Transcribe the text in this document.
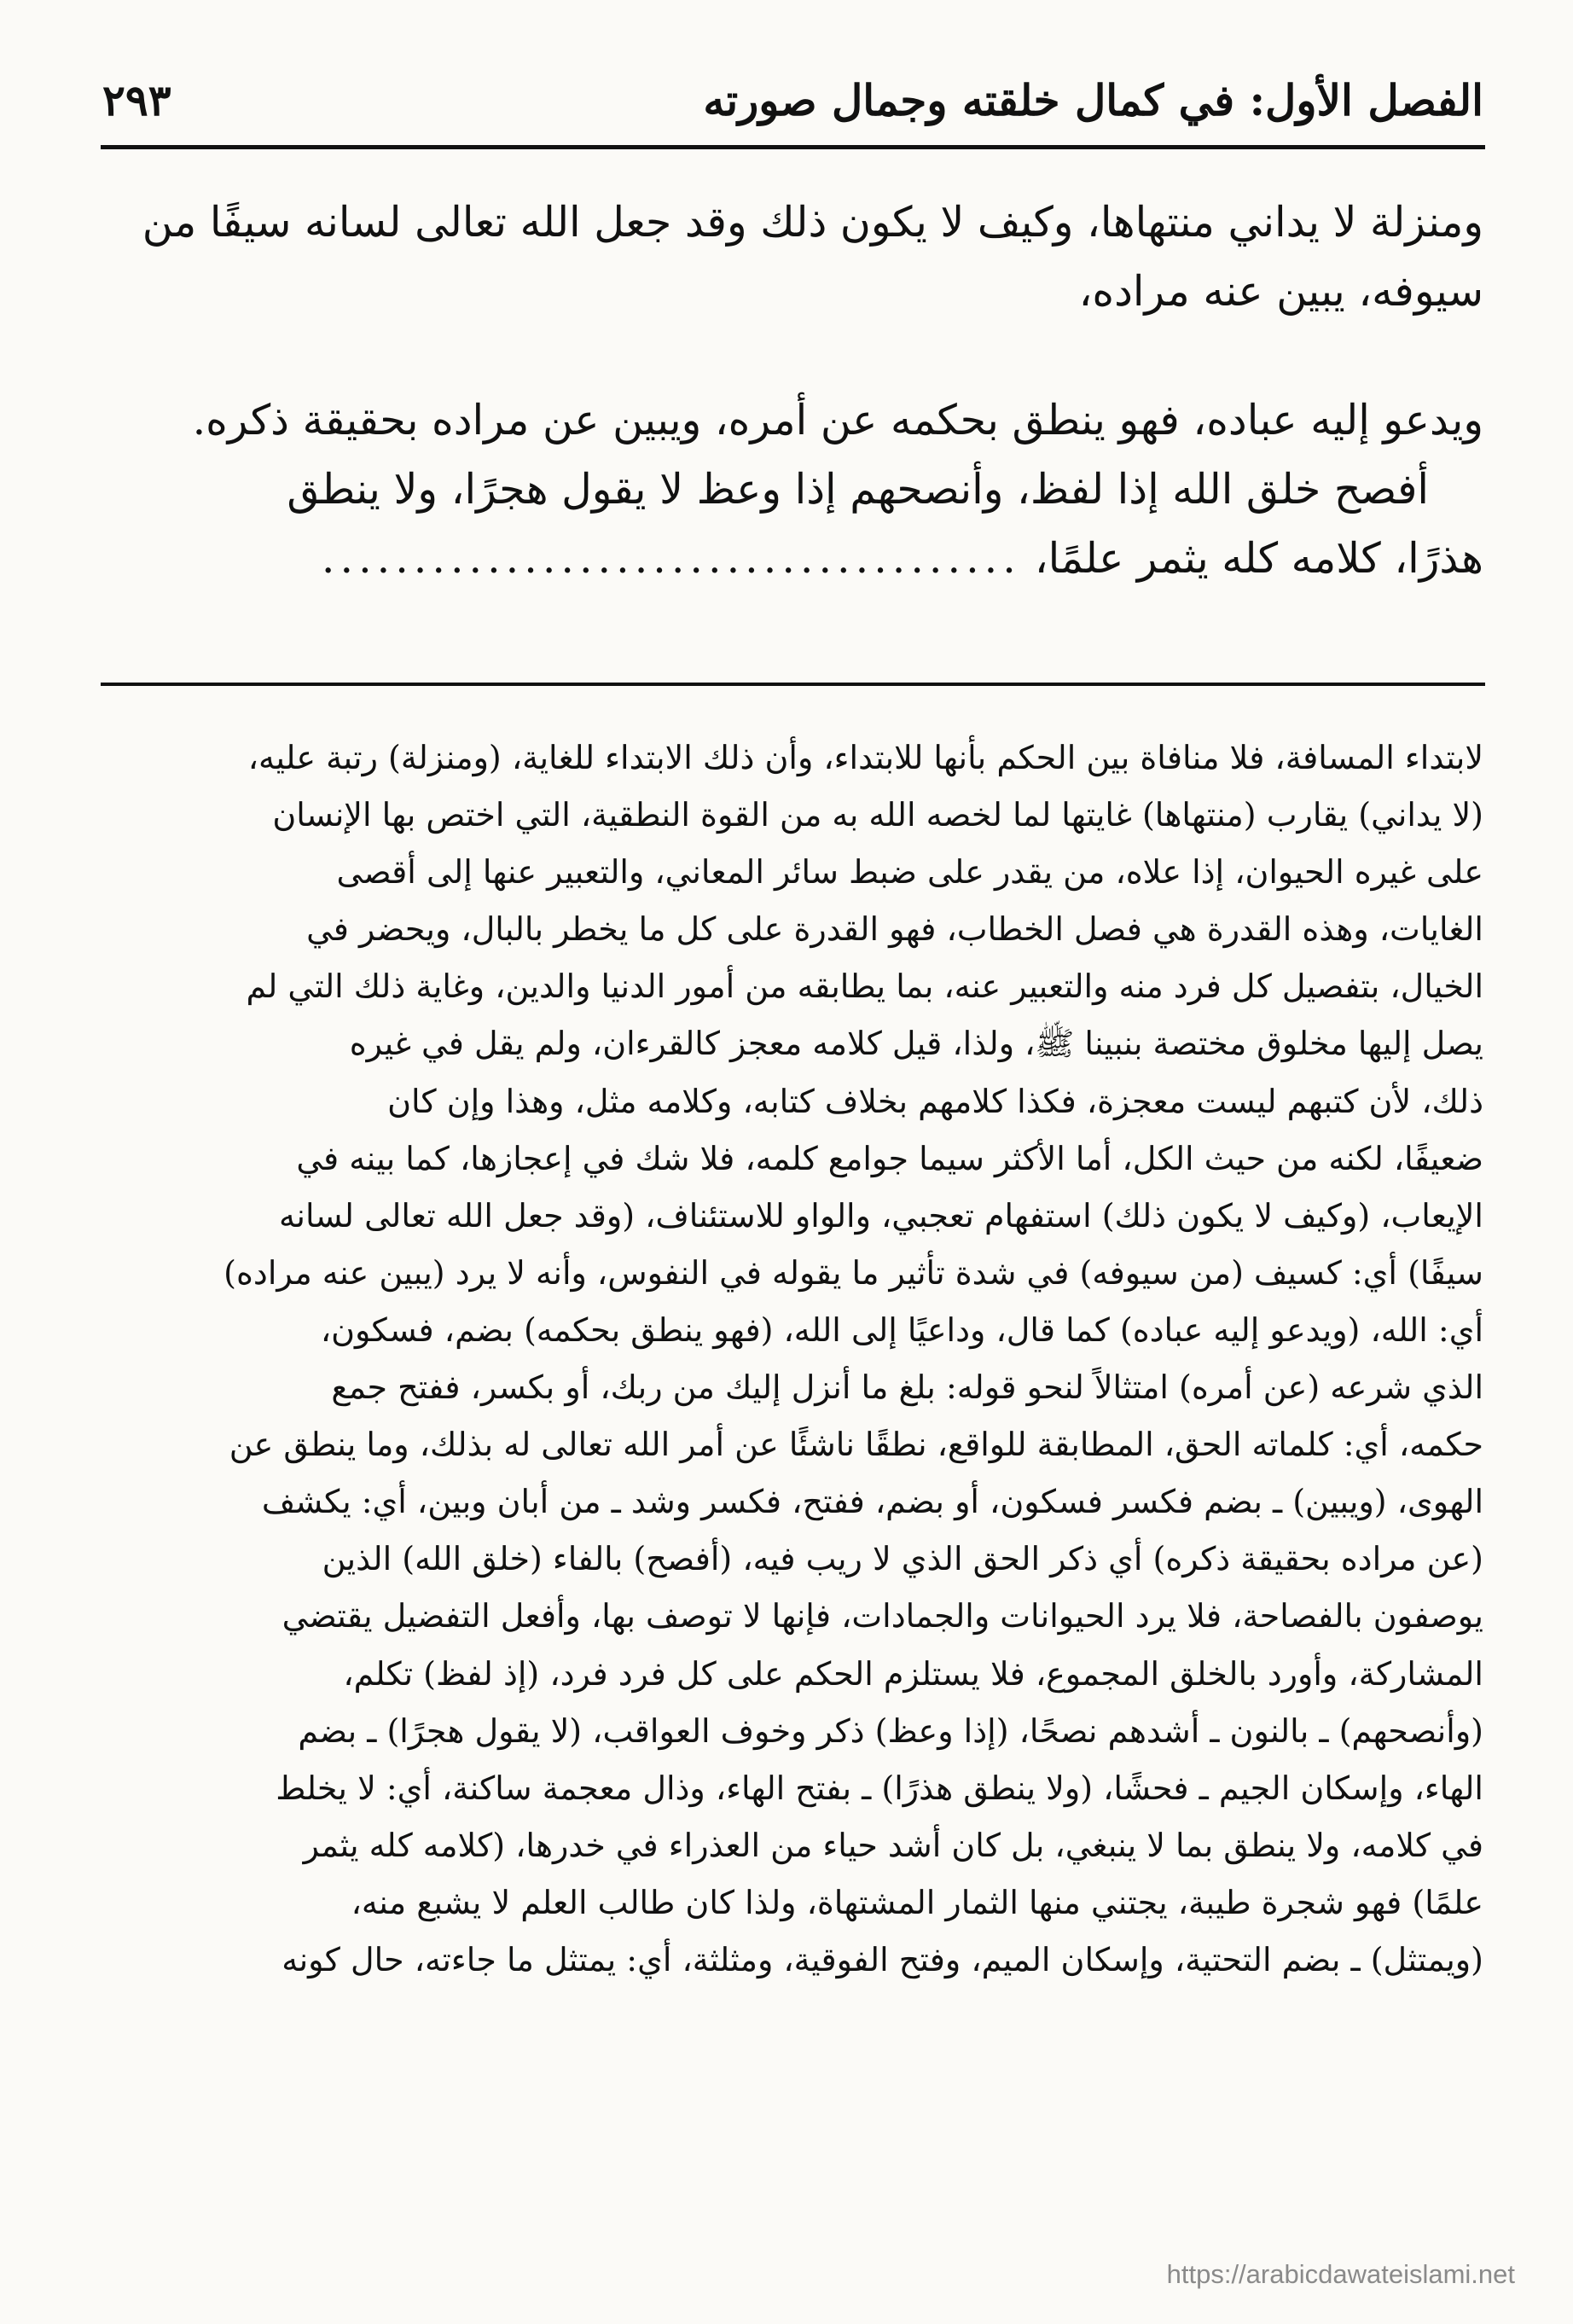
الفصل الأول: في كمال خلقته وجمال صورته
٢٩٣

ومنزلة لا يداني منتهاها، وكيف لا يكون ذلك وقد جعل الله تعالى لسانه سيفًا من

سيوفه، يبين عنه مراده،

ويدعو إليه عباده، فهو ينطق بحكمه عن أمره، ويبين عن مراده بحقيقة ذكره.

أفصح خلق الله إذا لفظ، وأنصحهم إذا وعظ لا يقول هجرًا، ولا ينطق

هذرًا، كلامه كله يثمر علمًا،......................................

لابتداء المسافة، فلا منافاة بين الحكم بأنها للابتداء، وأن ذلك الابتداء للغاية، (ومنزلة) رتبة عليه،
(لا يداني) يقارب (منتهاها) غايتها لما لخصه الله به من القوة النطقية، التي اختص بها الإنسان
على غيره الحيوان، إذا علاه، من يقدر على ضبط سائر المعاني، والتعبير عنها إلى أقصى
الغايات، وهذه القدرة هي فصل الخطاب، فهو القدرة على كل ما يخطر بالبال، ويحضر في
الخيال، بتفصيل كل فرد منه والتعبير عنه، بما يطابقه من أمور الدنيا والدين، وغاية ذلك التي لم
يصل إليها مخلوق مختصة بنبينا ﷺ، ولذا، قيل كلامه معجز كالقرءان، ولم يقل في غيره
ذلك، لأن كتبهم ليست معجزة، فكذا كلامهم بخلاف كتابه، وكلامه مثل، وهذا وإن كان
ضعيفًا، لكنه من حيث الكل، أما الأكثر سيما جوامع كلمه، فلا شك في إعجازها، كما بينه في
الإيعاب، (وكيف لا يكون ذلك) استفهام تعجبي، والواو للاستئناف، (وقد جعل الله تعالى لسانه
سيفًا) أي: كسيف (من سيوفه) في شدة تأثير ما يقوله في النفوس، وأنه لا يرد (يبين عنه مراده)
أي: الله، (ويدعو إليه عباده) كما قال، وداعيًا إلى الله، (فهو ينطق بحكمه) بضم، فسكون،
الذي شرعه (عن أمره) امتثالاً لنحو قوله: بلغ ما أنزل إليك من ربك، أو بكسر، ففتح جمع
حكمه، أي: كلماته الحق، المطابقة للواقع، نطقًا ناشئًا عن أمر الله تعالى له بذلك، وما ينطق عن
الهوى، (ويبين) ـ بضم فكسر فسكون، أو بضم، ففتح، فكسر وشد ـ من أبان وبين، أي: يكشف
(عن مراده بحقيقة ذكره) أي ذكر الحق الذي لا ريب فيه، (أفصح) بالفاء (خلق الله) الذين
يوصفون بالفصاحة، فلا يرد الحيوانات والجمادات، فإنها لا توصف بها، وأفعل التفضيل يقتضي
المشاركة، وأورد بالخلق المجموع، فلا يستلزم الحكم على كل فرد فرد، (إذ لفظ) تكلم،
(وأنصحهم) ـ بالنون ـ أشدهم نصحًا، (إذا وعظ) ذكر وخوف العواقب، (لا يقول هجرًا) ـ بضم
الهاء، وإسكان الجيم ـ فحشًا، (ولا ينطق هذرًا) ـ بفتح الهاء، وذال معجمة ساكنة، أي: لا يخلط
في كلامه، ولا ينطق بما لا ينبغي، بل كان أشد حياء من العذراء في خدرها، (كلامه كله يثمر
علمًا) فهو شجرة طيبة، يجتني منها الثمار المشتهاة، ولذا كان طالب العلم لا يشبع منه،
(ويمتثل) ـ بضم التحتية، وإسكان الميم، وفتح الفوقية، ومثلثة، أي: يمتثل ما جاءته، حال كونه
https://arabicdawateislami.net
